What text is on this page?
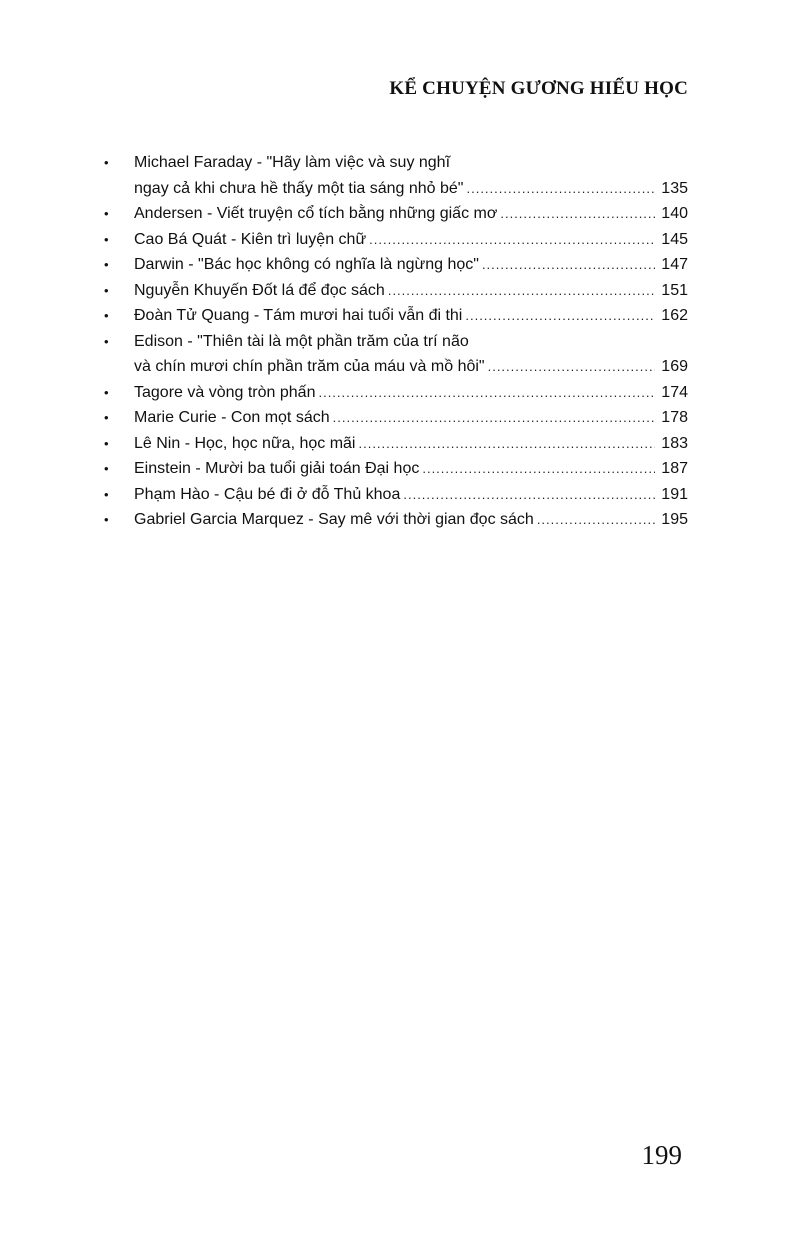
KỂ CHUYỆN GƯƠNG HIẾU HỌC
• Michael Faraday - "Hãy làm việc và suy nghĩ
ngay cả khi chưa hề thấy một tia sáng nhỏ bé" .....	135
• Andersen - Viết truyện cổ tích bằng những giấc mơ .....	140
• Cao Bá Quát - Kiên trì luyện chữ .....	145
• Darwin - "Bác học không có nghĩa là ngừng học" .....	147
• Nguyễn Khuyến Đốt lá để đọc sách .....	151
• Đoàn Tử Quang - Tám mươi hai tuổi vẫn đi thi .....	162
• Edison - "Thiên tài là một phần trăm của trí não
và chín mươi chín phần trăm của máu và mồ hôi" .....	169
• Tagore và vòng tròn phấn .....	174
• Marie Curie - Con mọt sách .....	178
• Lê Nin - Học, học nữa, học mãi .....	183
• Einstein - Mười ba tuổi giải toán Đại học .....	187
• Phạm Hào - Cậu bé đi ở đỗ Thủ khoa .....	191
• Gabriel Garcia Marquez - Say mê với thời gian đọc sách .....	195
199
